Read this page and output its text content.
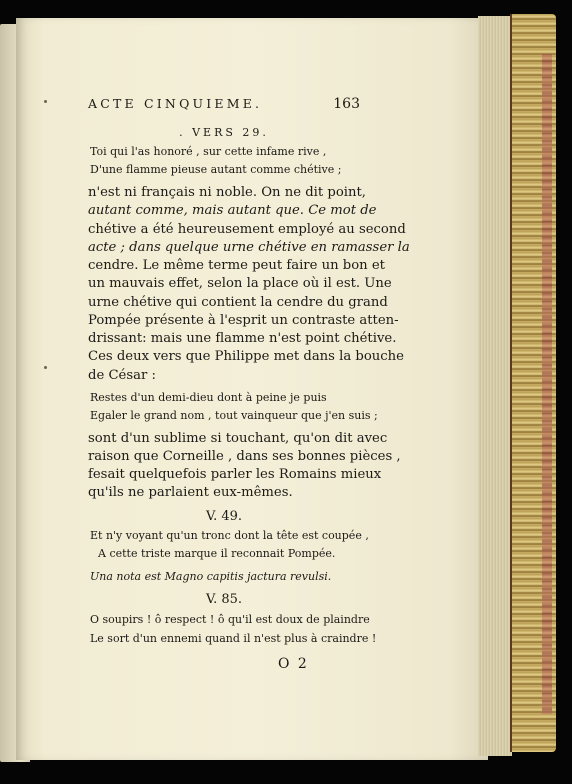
ACTE CINQUIEME.	163
. VERS 29.
Toi qui l'as honoré , sur cette infame rive ,
D'une flamme pieuse autant comme chétive ;
n'est ni français ni noble. On ne dit point,
autant comme, mais autant que. Ce mot de
chétive a été heureusement employé au second
acte ; dans quelque urne chétive en ramasser la
cendre. Le même terme peut faire un bon et
un mauvais effet, selon la place où il est. Une
urne chétive qui contient la cendre du grand
Pompée présente à l'esprit un contraste atten-
drissant: mais une flamme n'est point chétive.
Ces deux vers que Philippe met dans la bouche
de César :
Restes d'un demi-dieu dont à peine je puis
Egaler le grand nom , tout vainqueur que j'en suis ;
sont d'un sublime si touchant, qu'on dit avec
raison que Corneille , dans ses bonnes pièces ,
fesait quelquefois parler les Romains mieux
qu'ils ne parlaient eux-mêmes.
V. 49.
Et n'y voyant qu'un tronc dont la tête est coupée ,
A cette triste marque il reconnait Pompée.
Una nota est Magno capitis jactura revulsi.
V. 85.
O soupirs ! ô respect ! ô qu'il est doux de plaindre
Le sort d'un ennemi quand il n'est plus à craindre !
O 2
